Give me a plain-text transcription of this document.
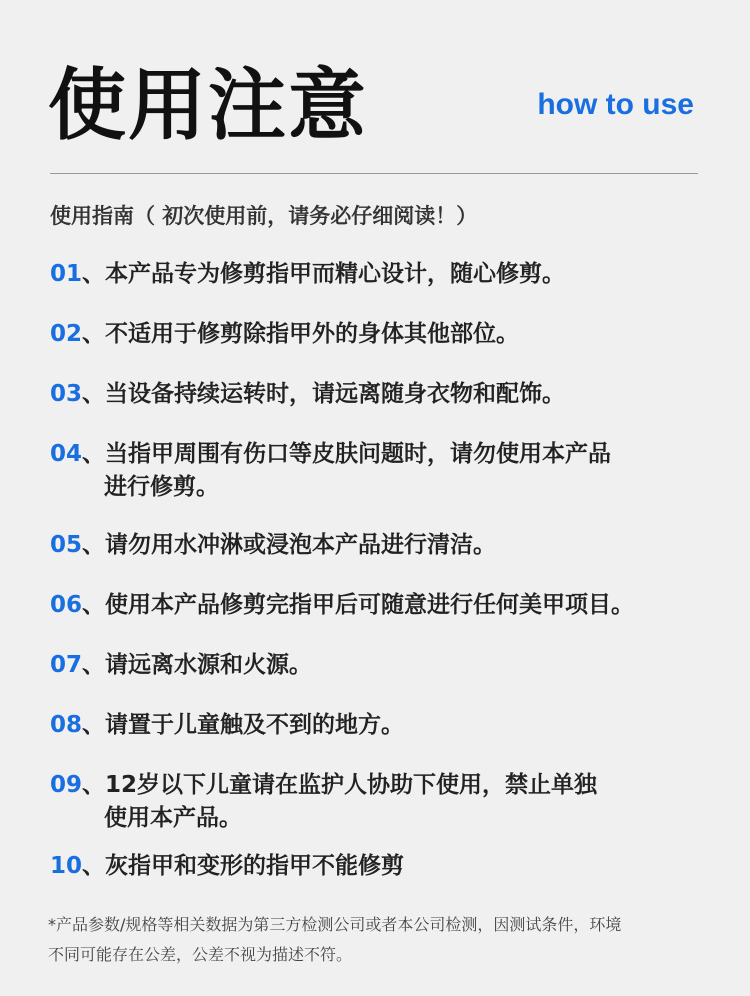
使用注意	how to use
使用指南（ 初次使用前，请务必仔细阅读！）
01、本产品专为修剪指甲而精心设计，随心修剪。
02、不适用于修剪除指甲外的身体其他部位。
03、当设备持续运转时，请远离随身衣物和配饰。
04、当指甲周围有伤口等皮肤问题时，请勿使用本产品
进行修剪。
05、请勿用水冲淋或浸泡本产品进行清洁。
06、使用本产品修剪完指甲后可随意进行任何美甲项目。
07、请远离水源和火源。
08、请置于儿童触及不到的地方。
09、12岁以下儿童请在监护人协助下使用，禁止单独
使用本产品。
10、灰指甲和变形的指甲不能修剪
*产品参数/规格等相关数据为第三方检测公司或者本公司检测，因测试条件，环境
不同可能存在公差，公差不视为描述不符。
